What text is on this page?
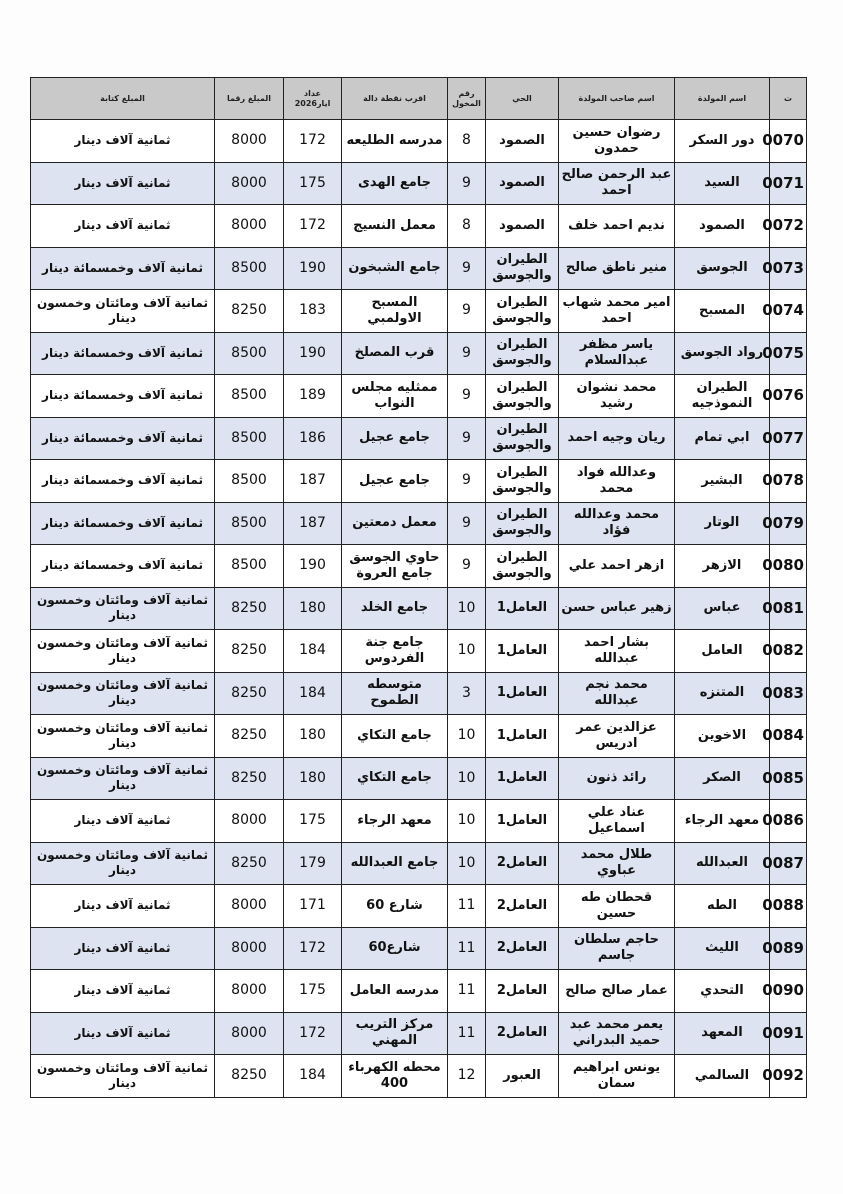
ت	اسم المولدة	اسم صاحب المولدة	الحي	رقم المخول	اقرب نقطة دالة	عداد ايار2026	المبلغ رقما	المبلغ كتابة
0070	دور السكر	رضوان حسين حمدون	الصمود	8	مدرسه الطليعه	172	8000	ثمانية آلاف دينار
0071	السيد	عبد الرحمن صالح احمد	الصمود	9	جامع الهدى	175	8000	ثمانية آلاف دينار
0072	الصمود	نديم احمد خلف	الصمود	8	معمل النسيج	172	8000	ثمانية آلاف دينار
0073	الجوسق	منير ناطق صالح	الطيران والجوسق	9	جامع الشبخون	190	8500	ثمانية آلاف وخمسمائة دينار
0074	المسبح	امير محمد شهاب احمد	الطيران والجوسق	9	المسبح الاولمبي	183	8250	ثمانية آلاف ومائتان وخمسون دينار
0075	رواد الجوسق	ياسر مظفر عبدالسلام	الطيران والجوسق	9	قرب المصلخ	190	8500	ثمانية آلاف وخمسمائة دينار
0076	الطيران النموذجيه	محمد نشوان رشيد	الطيران والجوسق	9	ممثليه مجلس النواب	189	8500	ثمانية آلاف وخمسمائة دينار
0077	ابي تمام	ريان وجيه احمد	الطيران والجوسق	9	جامع عجيل	186	8500	ثمانية آلاف وخمسمائة دينار
0078	البشير	وعدالله فواد محمد	الطيران والجوسق	9	جامع عجيل	187	8500	ثمانية آلاف وخمسمائة دينار
0079	الوتار	محمد وعدالله فؤاد	الطيران والجوسق	9	معمل دمعتين	187	8500	ثمانية آلاف وخمسمائة دينار
0080	الازهر	ازهر احمد علي	الطيران والجوسق	9	حاوي الجوسق جامع العروة	190	8500	ثمانية آلاف وخمسمائة دينار
0081	عباس	زهير عباس حسن	العامل1	10	جامع الخلد	180	8250	ثمانية آلاف ومائتان وخمسون دينار
0082	العامل	بشار احمد عبدالله	العامل1	10	جامع جنة الفردوس	184	8250	ثمانية آلاف ومائتان وخمسون دينار
0083	المتنزه	محمد نجم عبدالله	العامل1	3	متوسطه الطموح	184	8250	ثمانية آلاف ومائتان وخمسون دينار
0084	الاخوين	عزالدين عمر ادريس	العامل1	10	جامع التكاي	180	8250	ثمانية آلاف ومائتان وخمسون دينار
0085	الصكر	رائد ذنون	العامل1	10	جامع التكاي	180	8250	ثمانية آلاف ومائتان وخمسون دينار
0086	معهد الرجاء	عناد علي اسماعيل	العامل1	10	معهد الرجاء	175	8000	ثمانية آلاف دينار
0087	العبدالله	طلال محمد عباوي	العامل2	10	جامع العبدالله	179	8250	ثمانية آلاف ومائتان وخمسون دينار
0088	الطه	قحطان طه حسين	العامل2	11	شارع 60	171	8000	ثمانية آلاف دينار
0089	الليث	حاجم سلطان جاسم	العامل2	11	شارع60	172	8000	ثمانية آلاف دينار
0090	التحدي	عمار صالح صالح	العامل2	11	مدرسه العامل	175	8000	ثمانية آلاف دينار
0091	المعهد	يعمر محمد عبد حميد البدراني	العامل2	11	مركز التريب المهني	172	8000	ثمانية آلاف دينار
0092	السالمي	يونس ابراهيم سمان	العبور	12	محطه الكهرباء 400	184	8250	ثمانية آلاف ومائتان وخمسون دينار
